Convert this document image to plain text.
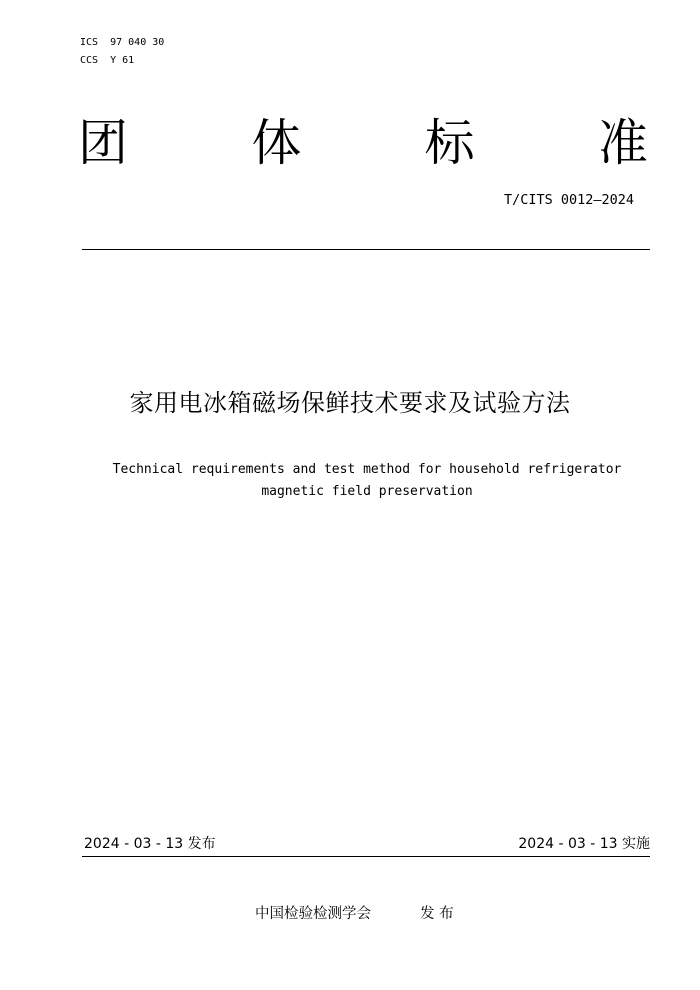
ICS  97 040 30
CCS  Y 61
团 体 标 准
T/CITS 0012—2024
家用电冰箱磁场保鲜技术要求及试验方法
Technical requirements and test method for household refrigerator
magnetic field preservation
2024 - 03 - 13 发布	2024 - 03 - 13 实施
中国检验检测学会	发 布
